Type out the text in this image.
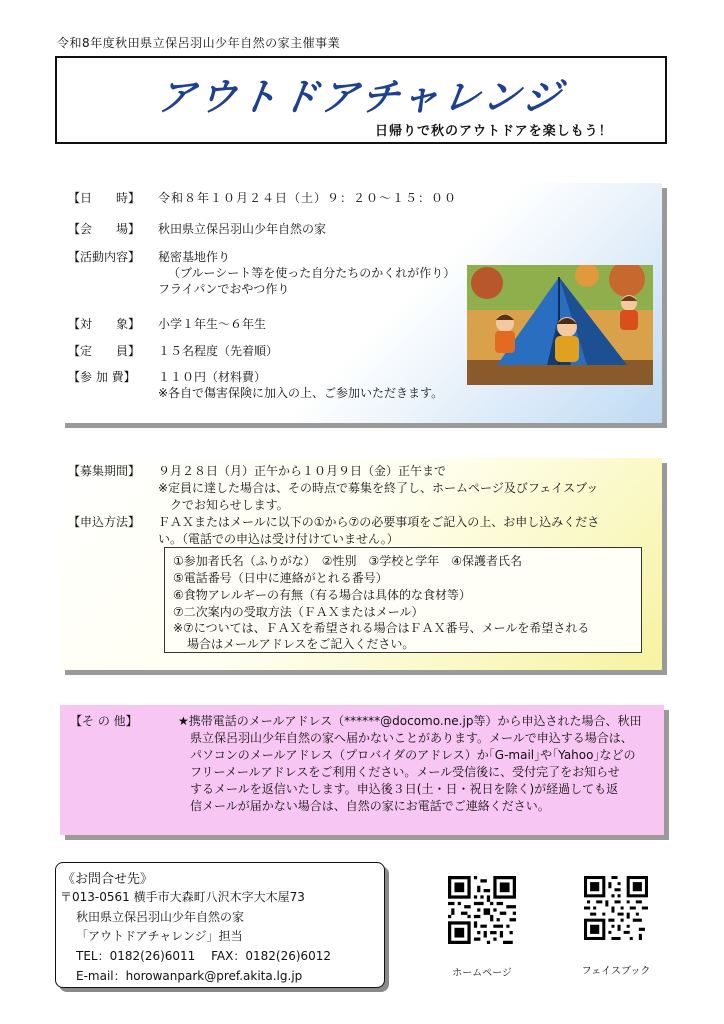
令和8年度秋田県立保呂羽山少年自然の家主催事業
アウトドアチャレンジ
日帰りで秋のアウトドアを楽しもう！
【日　　時】 令和８年１０月２４日（土）９：２０～１５：００
【会　　場】 秋田県立保呂羽山少年自然の家
【活動内容】 秘密基地作り
（ブルーシート等を使った自分たちのかくれが作り）
フライパンでおやつ作り
【対　　象】 小学１年生～６年生
【定　　員】 １５名程度（先着順）
【参 加 費】 １１０円（材料費）
※各自で傷害保険に加入の上、ご参加いただきます。
【募集期間】 ９月２８日（月）正午から１０月９日（金）正午まで
※定員に達した場合は、その時点で募集を終了し、ホームページ及びフェイスブッ
クでお知らせします。
【申込方法】 ＦＡＸまたはメールに以下の①から⑦の必要事項をご記入の上、お申し込みくださ
い。（電話での申込は受け付けていません。）
①参加者氏名（ふりがな）　②性別　③学校と学年　④保護者氏名
⑤電話番号（日中に連絡がとれる番号）
⑥食物アレルギーの有無（有る場合は具体的な食材等）
⑦二次案内の受取方法（ＦＡＸまたはメール）
※⑦については、ＦＡＸを希望される場合はＦＡＸ番号、メールを希望される
場合はメールアドレスをご記入ください。
【そ の 他】	★携帯電話のメールアドレス（******@docomo.ne.jp等）から申込された場合、秋田
県立保呂羽山少年自然の家へ届かないことがあります。メールで申込する場合は、
パソコンのメールアドレス（プロバイダのアドレス）か｢G-mail｣や｢Yahoo｣などの
フリーメールアドレスをご利用ください。メール受信後に、受付完了をお知らせ
するメールを返信いたします。申込後３日(土・日・祝日を除く)が経過しても返
信メールが届かない場合は、自然の家にお電話でご連絡ください。
《お問合せ先》
〒013-0561 横手市大森町八沢木字大木屋73
秋田県立保呂羽山少年自然の家
「アウトドアチャレンジ」担当
TEL：0182(26)6011　 FAX：0182(26)6012
E-mail：horowanpark@pref.akita.lg.jp	ホームページ	フェイスブック
